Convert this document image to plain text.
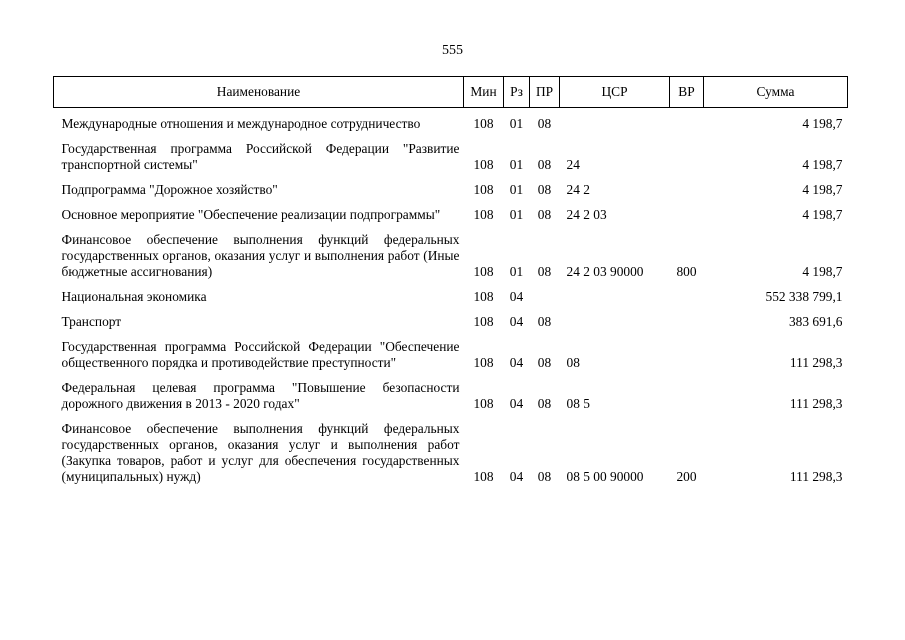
555
Наименование	Мин	Рз	ПР	ЦСР	ВР	Сумма
Международные отношения и международное сотрудничество	108	01	08			4 198,7
Государственная программа Российской Федерации "Развитие транспортной системы"	108	01	08	24		4 198,7
Подпрограмма "Дорожное хозяйство"	108	01	08	24 2		4 198,7
Основное мероприятие "Обеспечение реализации подпрограммы"	108	01	08	24 2 03		4 198,7
Финансовое обеспечение выполнения функций федеральных государственных органов, оказания услуг и выполнения работ (Иные бюджетные ассигнования)	108	01	08	24 2 03 90000	800	4 198,7
Национальная экономика	108	04				552 338 799,1
Транспорт	108	04	08			383 691,6
Государственная программа Российской Федерации "Обеспечение общественного порядка и противодействие преступности"	108	04	08	08		111 298,3
Федеральная целевая программа "Повышение безопасности дорожного движения в 2013 - 2020 годах"	108	04	08	08 5		111 298,3
Финансовое обеспечение выполнения функций федеральных государственных органов, оказания услуг и выполнения работ (Закупка товаров, работ и услуг для обеспечения государственных (муниципальных) нужд)	108	04	08	08 5 00 90000	200	111 298,3
